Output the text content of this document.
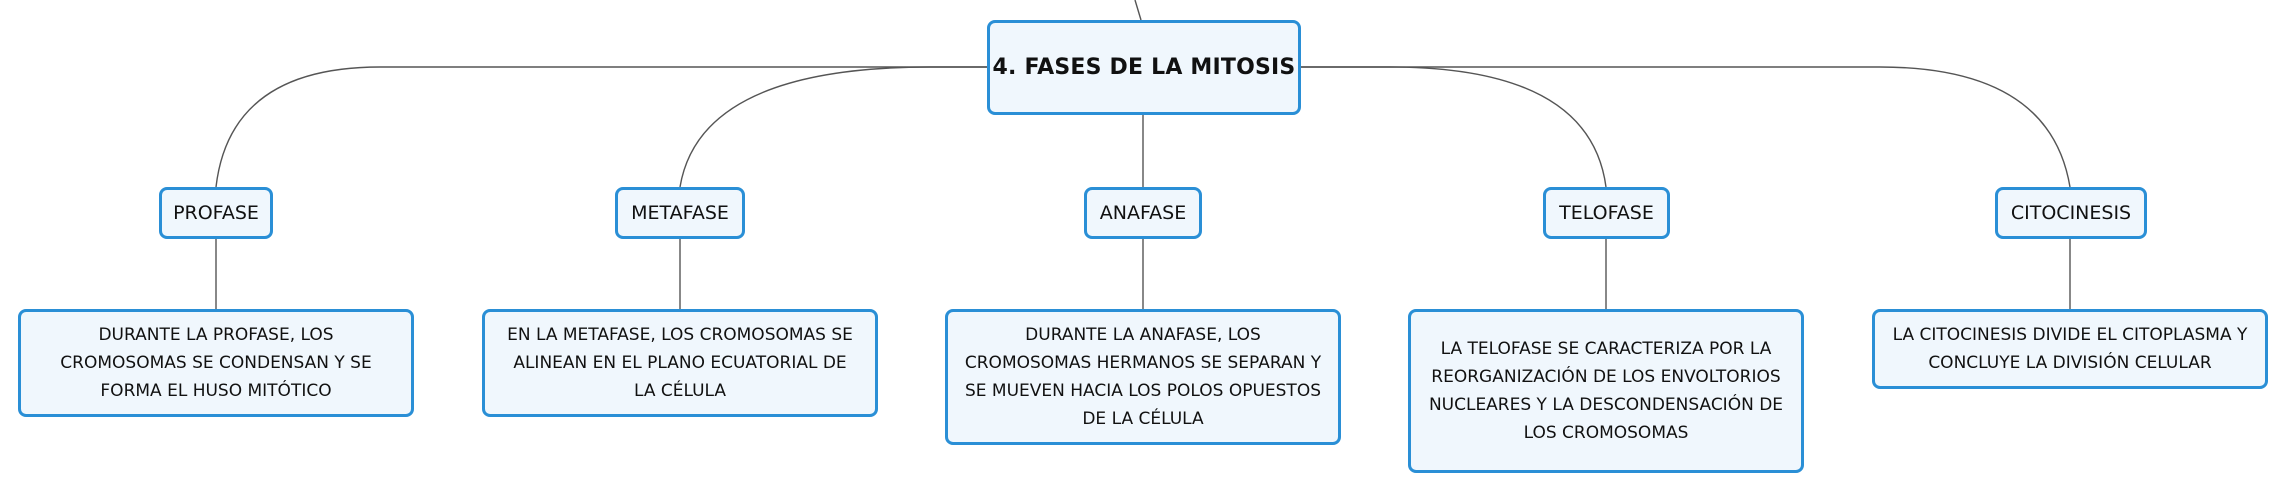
4. FASES DE LA MITOSIS
PROFASE	METAFASE	ANAFASE	TELOFASE	CITOCINESIS
DURANTE LA PROFASE, LOS CROMOSOMAS SE CONDENSAN Y SE FORMA EL HUSO MITÓTICO
EN LA METAFASE, LOS CROMOSOMAS SE ALINEAN EN EL PLANO ECUATORIAL DE LA CÉLULA
DURANTE LA ANAFASE, LOS CROMOSOMAS HERMANOS SE SEPARAN Y SE MUEVEN HACIA LOS POLOS OPUESTOS DE LA CÉLULA
LA TELOFASE SE CARACTERIZA POR LA REORGANIZACIÓN DE LOS ENVOLTORIOS NUCLEARES Y LA DESCONDENSACIÓN DE LOS CROMOSOMAS
LA CITOCINESIS DIVIDE EL CITOPLASMA Y CONCLUYE LA DIVISIÓN CELULAR
